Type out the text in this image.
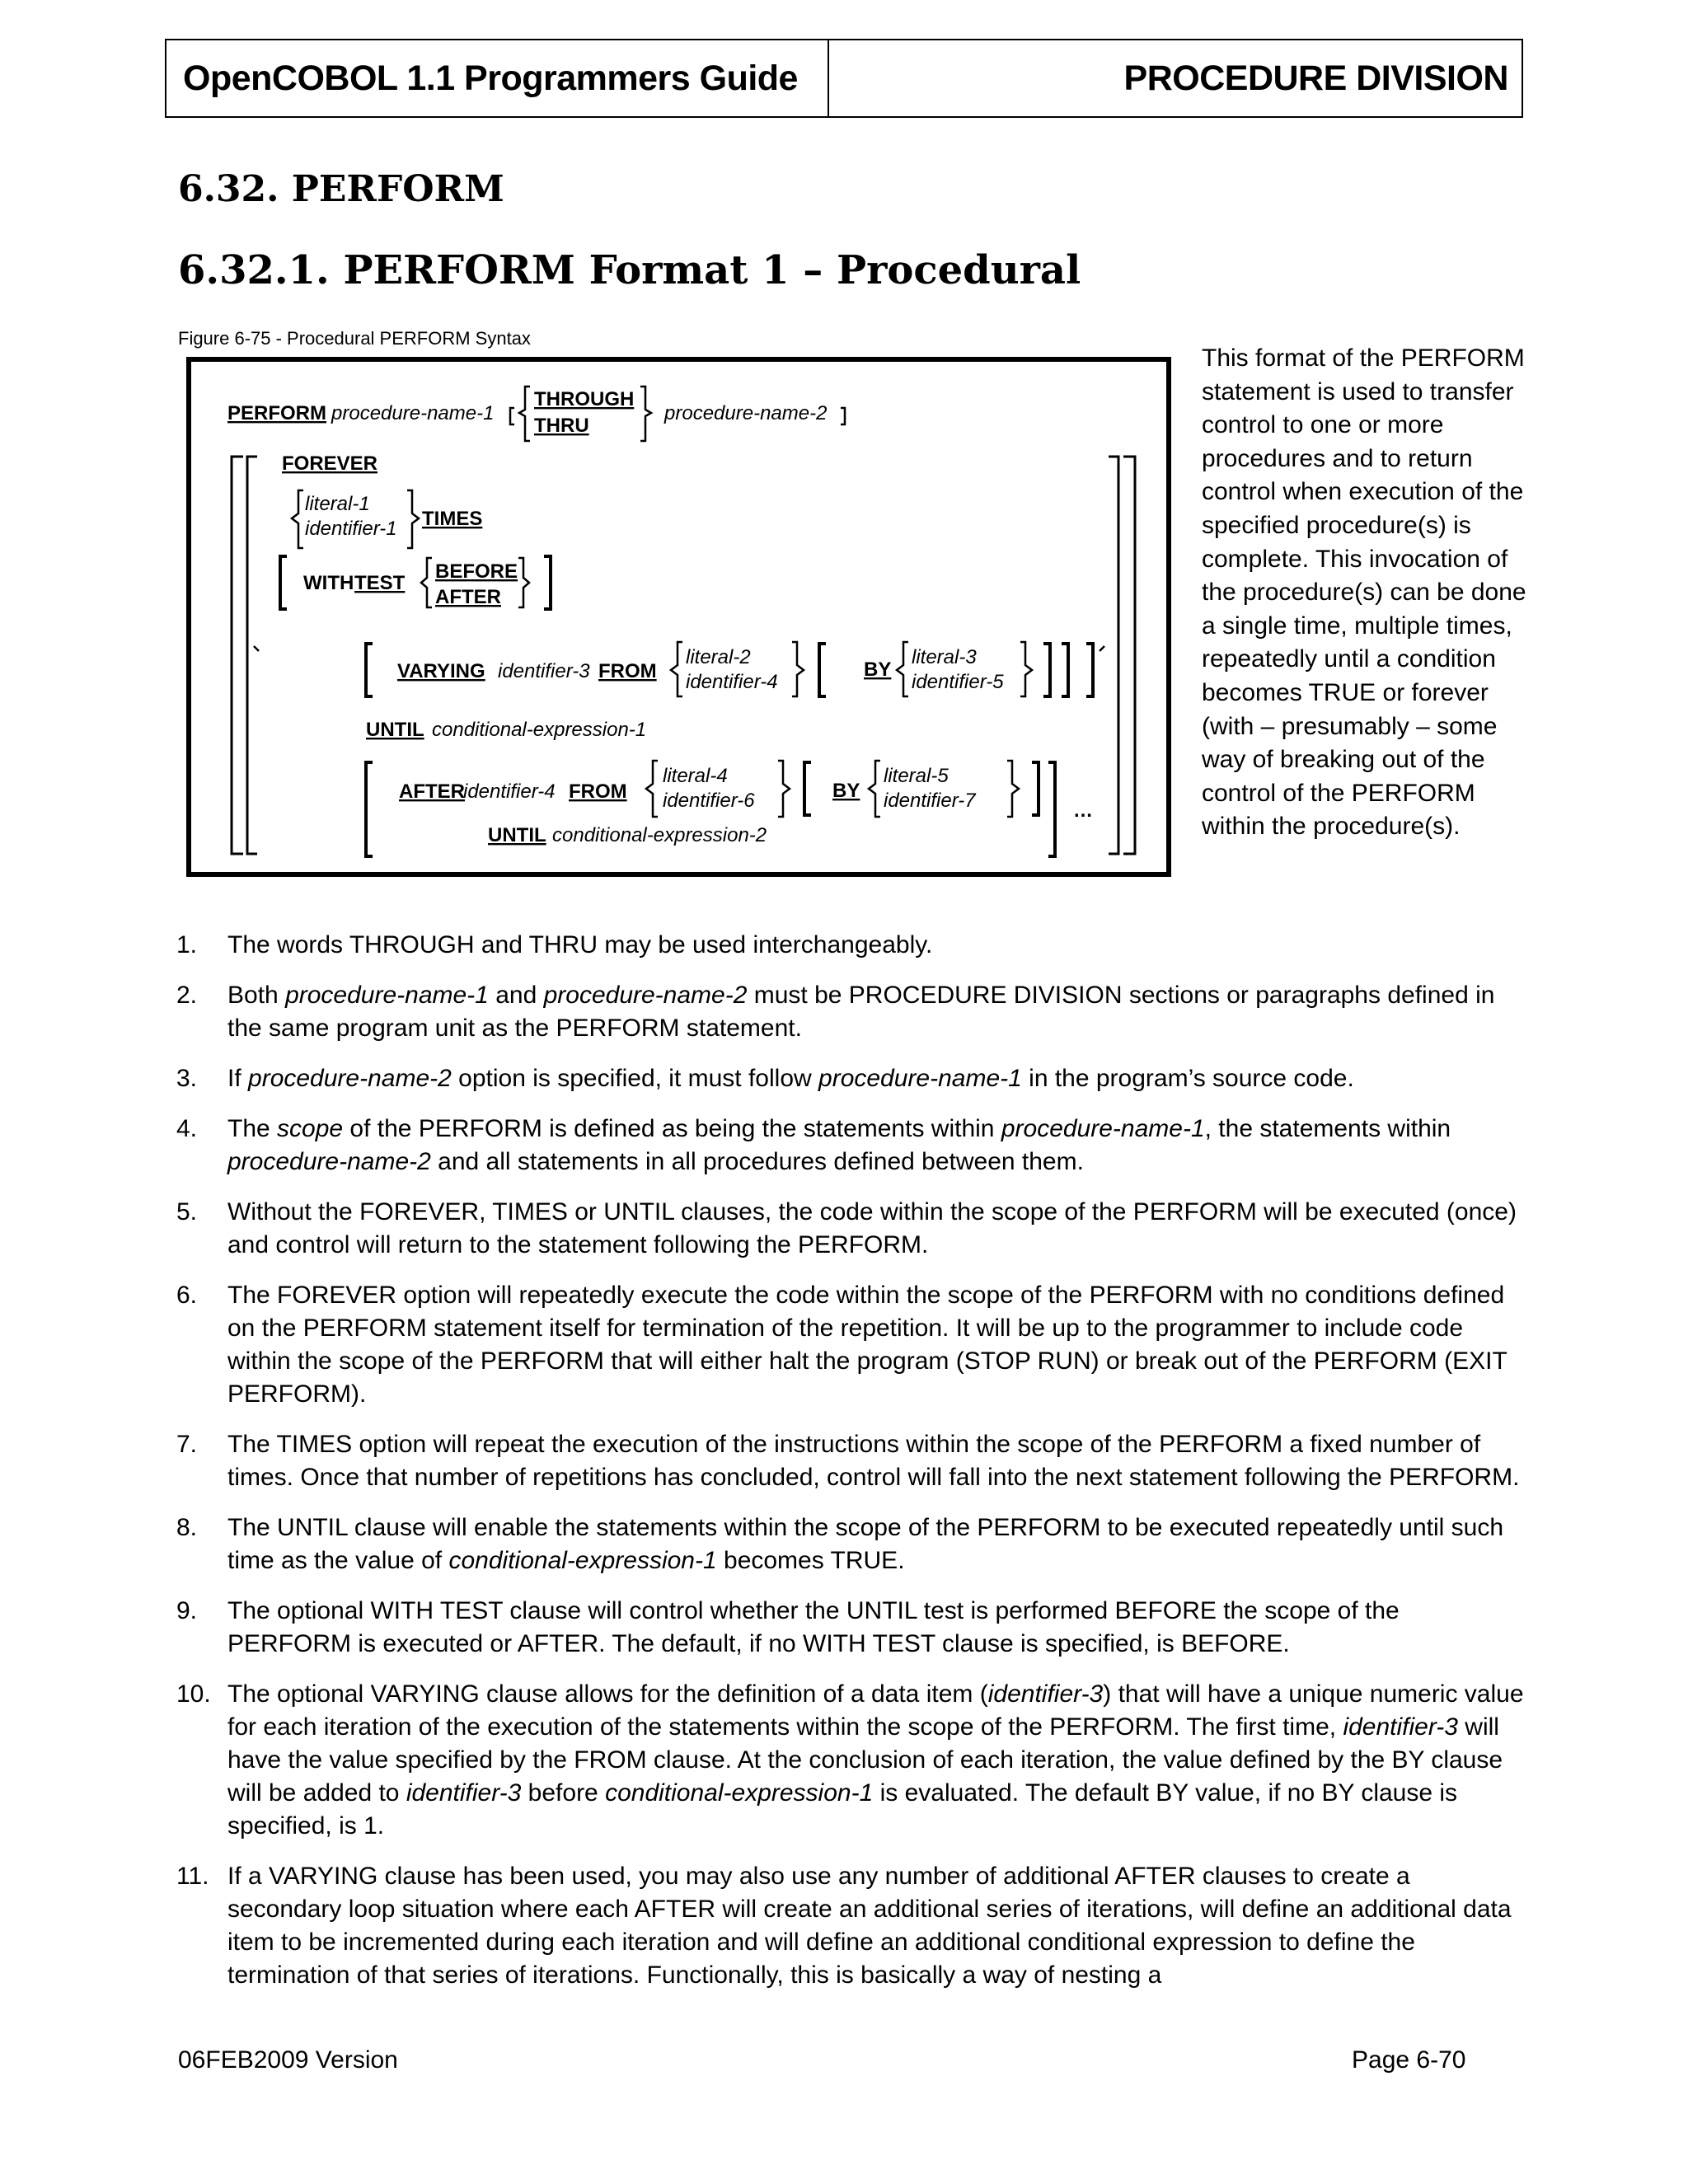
OpenCOBOL 1.1 Programmers Guide	PROCEDURE DIVISION
6.32. PERFORM
6.32.1. PERFORM Format 1 – Procedural
Figure 6-75 - Procedural PERFORM Syntax
PERFORM procedure-name-1
THROUGH
THRU
procedure-name-2
FOREVER
literal-1
identifier-1 TIMES
WITH TEST
BEFORE
AFTER
VARYING identifier-3 FROM
literal-2
identifier-4
BY
literal-3
identifier-5
UNTIL conditional-expression-1
AFTER
identifier-4 FROM
literal-4
identifier-6	BY
literal-5
identifier-7	…
UNTIL conditional-expression-2
This format of the PERFORM statement is used to transfer control to one or more procedures and to return control when execution of the specified procedure(s) is complete. This invocation of the procedure(s) can be done a single time, multiple times, repeatedly until a condition becomes TRUE or forever (with – presumably – some way of breaking out of the control of the PERFORM within the procedure(s).
1. The words THROUGH and THRU may be used interchangeably.
2. Both procedure-name-1 and procedure-name-2 must be PROCEDURE DIVISION sections or paragraphs defined in the same program unit as the PERFORM statement.
3. If procedure-name-2 option is specified, it must follow procedure-name-1 in the program’s source code.
4. The scope of the PERFORM is defined as being the statements within procedure-name-1, the statements within procedure-name-2 and all statements in all procedures defined between them.
5. Without the FOREVER, TIMES or UNTIL clauses, the code within the scope of the PERFORM will be executed (once) and control will return to the statement following the PERFORM.
6. The FOREVER option will repeatedly execute the code within the scope of the PERFORM with no conditions defined on the PERFORM statement itself for termination of the repetition. It will be up to the programmer to include code within the scope of the PERFORM that will either halt the program (STOP RUN) or break out of the PERFORM (EXIT PERFORM).
7. The TIMES option will repeat the execution of the instructions within the scope of the PERFORM a fixed number of times. Once that number of repetitions has concluded, control will fall into the next statement following the PERFORM.
8. The UNTIL clause will enable the statements within the scope of the PERFORM to be executed repeatedly until such time as the value of conditional-expression-1 becomes TRUE.
9. The optional WITH TEST clause will control whether the UNTIL test is performed BEFORE the scope of the PERFORM is executed or AFTER. The default, if no WITH TEST clause is specified, is BEFORE.
10. The optional VARYING clause allows for the definition of a data item (identifier-3) that will have a unique numeric value for each iteration of the execution of the statements within the scope of the PERFORM. The first time, identifier-3 will have the value specified by the FROM clause. At the conclusion of each iteration, the value defined by the BY clause will be added to identifier-3 before conditional-expression-1 is evaluated. The default BY value, if no BY clause is specified, is 1.
11. If a VARYING clause has been used, you may also use any number of additional AFTER clauses to create a secondary loop situation where each AFTER will create an additional series of iterations, will define an additional data item to be incremented during each iteration and will define an additional conditional expression to define the termination of that series of iterations. Functionally, this is basically a way of nesting a
06FEB2009 Version	Page 6-70
